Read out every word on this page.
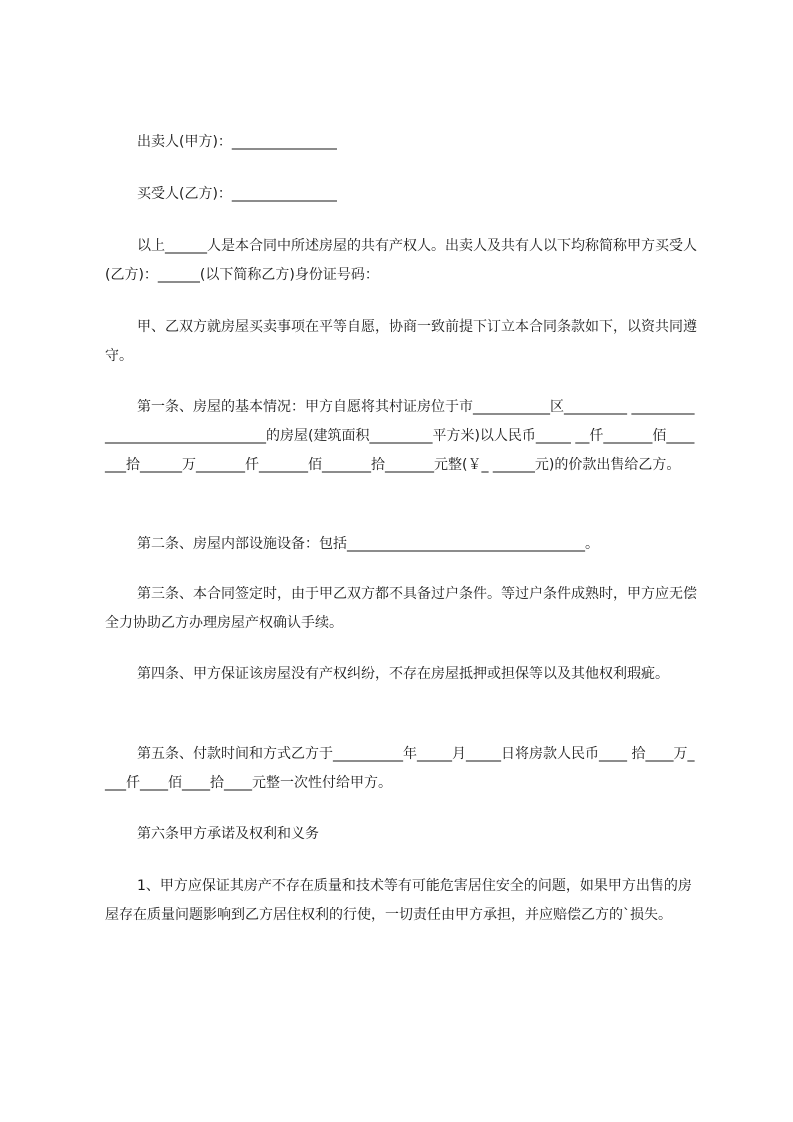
出卖人(甲方)：_______________

买受人(乙方)：_______________

以上______人是本合同中所述房屋的共有产权人。出卖人及共有人以下均称简称甲方买受人(乙方)：______(以下简称乙方)身份证号码：

甲、乙双方就房屋买卖事项在平等自愿，协商一致前提下订立本合同条款如下，以资共同遵守。

第一条、房屋的基本情况：甲方自愿将其村证房位于市___________区_________ ________________________________的房屋(建筑面积_________平方米)以人民币_____ __仟_______佰_______拾______万_______仟_______佰_______拾_______元整(￥_ ______元)的价款出售给乙方。

第二条、房屋内部设施设备：包括__________________________________。

第三条、本合同签定时，由于甲乙双方都不具备过户条件。等过户条件成熟时，甲方应无偿全力协助乙方办理房屋产权确认手续。

第四条、甲方保证该房屋没有产权纠纷，不存在房屋抵押或担保等以及其他权利瑕疵。

第五条、付款时间和方式乙方于__________年_____月_____日将房款人民币____ 拾____万____仟____佰____拾____元整一次性付给甲方。

第六条甲方承诺及权利和义务

1、甲方应保证其房产不存在质量和技术等有可能危害居住安全的问题，如果甲方出售的房屋存在质量问题影响到乙方居住权利的行使，一切责任由甲方承担，并应赔偿乙方的`损失。
